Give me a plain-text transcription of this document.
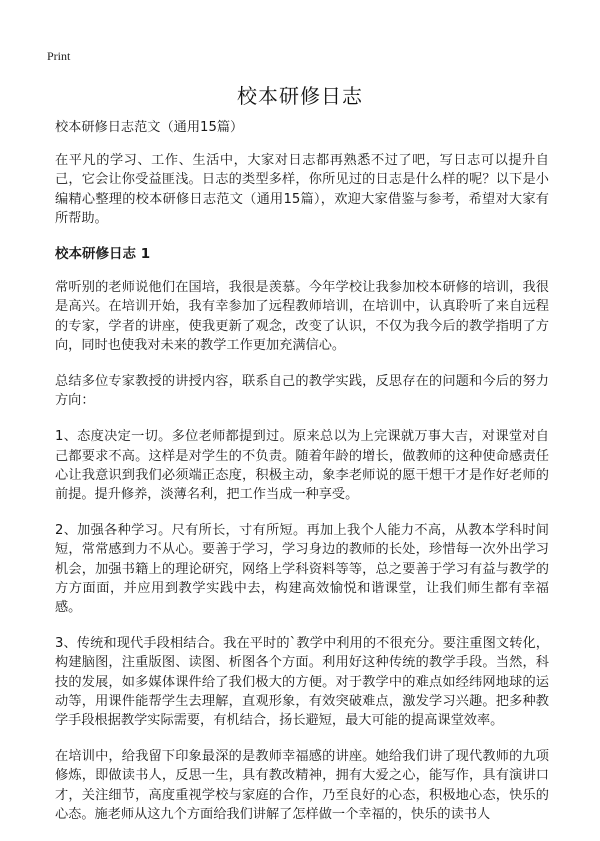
Print
校本研修日志

校本研修日志范文（通用15篇）

在平凡的学习、工作、生活中，大家对日志都再熟悉不过了吧，写日志可以提升自己，它会让你受益匪浅。日志的类型多样，你所见过的日志是什么样的呢？以下是小编精心整理的校本研修日志范文（通用15篇），欢迎大家借鉴与参考，希望对大家有所帮助。

校本研修日志 1

常听别的老师说他们在国培，我很是羡慕。今年学校让我参加校本研修的培训，我很是高兴。在培训开始，我有幸参加了远程教师培训，在培训中，认真聆听了来自远程的专家，学者的讲座，使我更新了观念，改变了认识，不仅为我今后的教学指明了方向，同时也使我对未来的教学工作更加充满信心。

总结多位专家教授的讲授内容，联系自己的教学实践，反思存在的问题和今后的努力方向：

1、态度决定一切。多位老师都提到过。原来总以为上完课就万事大吉，对课堂对自己都要求不高。这样是对学生的不负责。随着年龄的增长，做教师的这种使命感责任心让我意识到我们必须端正态度，积极主动，象李老师说的愿干想干才是作好老师的前提。提升修养，淡薄名利，把工作当成一种享受。

2、加强各种学习。尺有所长，寸有所短。再加上我个人能力不高，从教本学科时间短，常常感到力不从心。要善于学习，学习身边的教师的长处，珍惜每一次外出学习机会，加强书籍上的理论研究，网络上学科资料等等，总之要善于学习有益与教学的方方面面，并应用到教学实践中去，构建高效愉悦和谐课堂，让我们师生都有幸福感。

3、传统和现代手段相结合。我在平时的`教学中利用的不很充分。要注重图文转化，构建脑图，注重版图、读图、析图各个方面。利用好这种传统的教学手段。当然，科技的发展，如多媒体课件给了我们极大的方便。对于教学中的难点如经纬网地球的运动等，用课件能帮学生去理解，直观形象，有效突破难点，激发学习兴趣。把多种教学手段根据教学实际需要，有机结合，扬长避短，最大可能的提高课堂效率。

在培训中，给我留下印象最深的是教师幸福感的讲座。她给我们讲了现代教师的九项修炼，即做读书人，反思一生，具有教改精神，拥有大爱之心，能写作，具有演讲口才，关注细节，高度重视学校与家庭的合作，乃至良好的心态，积极地心态，快乐的心态。施老师从这九个方面给我们讲解了怎样做一个幸福的，快乐的读书人
